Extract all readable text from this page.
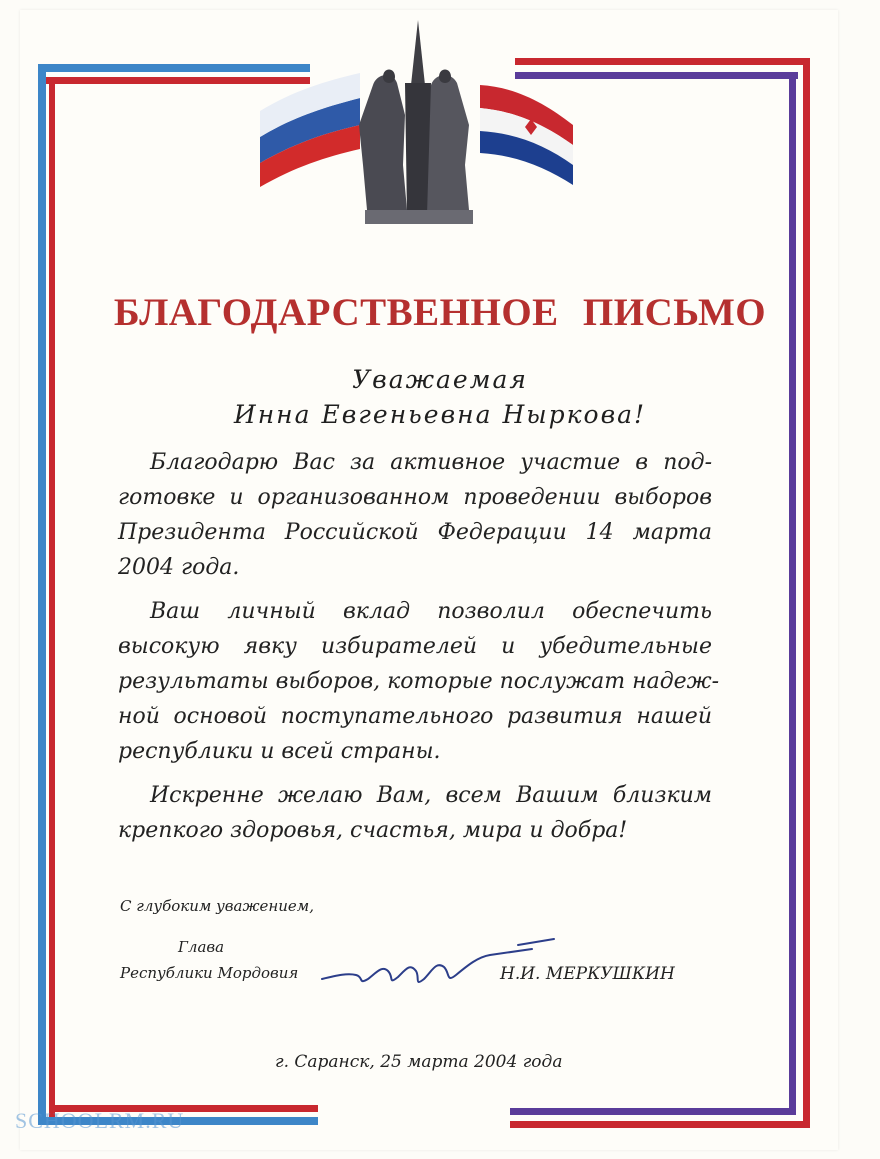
БЛАГОДАРСТВЕННОЕ ПИСЬМО
Уважаемая
Инна Евгеньевна Ныркова!
Благодарю Вас за активное участие в под-
готовке и организованном проведении выборов
Президента Российской Федерации 14 марта
2004 года.
Ваш личный вклад позволил обеспечить
высокую явку избирателей и убедительные
результаты выборов, которые послужат надеж-
ной основой поступательного развития нашей
республики и всей страны.
Искренне желаю Вам, всем Вашим близким
крепкого здоровья, счастья, мира и добра!
С глубоким уважением,
Глава
Республики Мордовия	Н.И. МЕРКУШКИН
г. Саранск, 25 марта 2004 года
SCHOOLRM.RU
